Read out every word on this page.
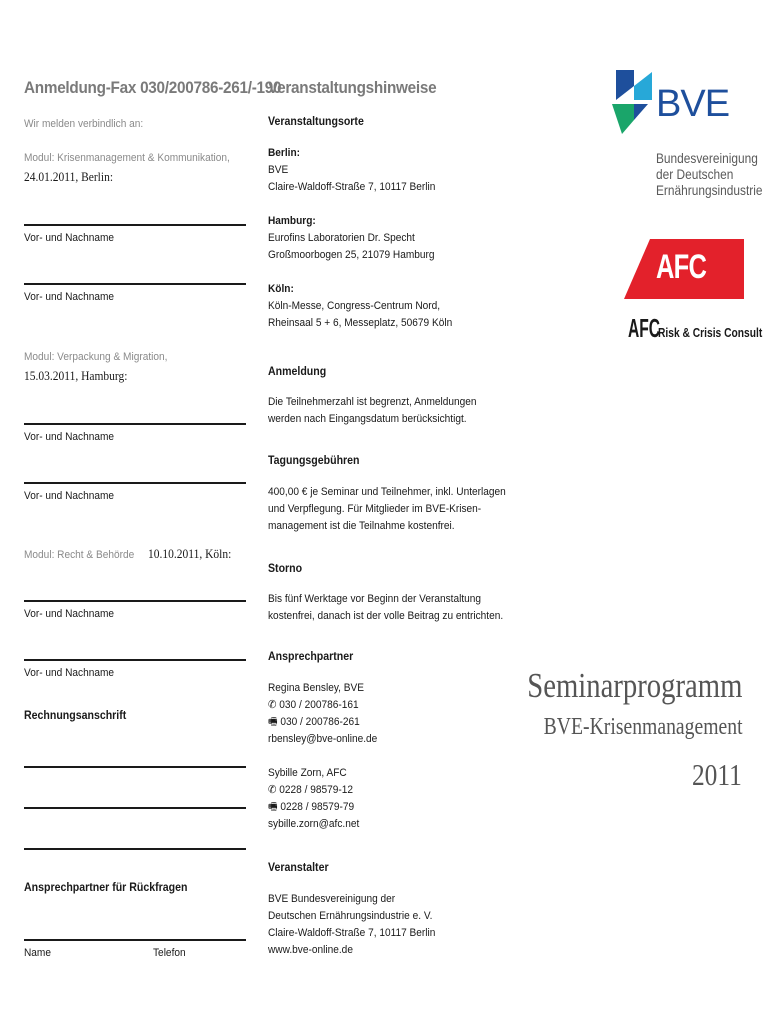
Anmeldung-Fax 030/200786-261/-190
Wir melden verbindlich an:
Modul: Krisenmanagement & Kommunikation,
24.01.2011, Berlin:
Vor- und Nachname
Vor- und Nachname
Modul: Verpackung & Migration,
15.03.2011, Hamburg:
Vor- und Nachname
Vor- und Nachname
Modul: Recht & Behörde 10.10.2011, Köln:
Vor- und Nachname
Vor- und Nachname
Rechnungsanschrift
Ansprechpartner für Rückfragen
Name	Telefon
Veranstaltungshinweise
Veranstaltungsorte
Berlin:
BVE
Claire-Waldoff-Straße 7, 10117 Berlin
Hamburg:
Eurofins Laboratorien Dr. Specht
Großmoorbogen 25, 21079 Hamburg
Köln:
Köln-Messe, Congress-Centrum Nord,
Rheinsaal 5 + 6, Messeplatz, 50679 Köln
Anmeldung
Die Teilnehmerzahl ist begrenzt, Anmeldungen
werden nach Eingangsdatum berücksichtigt.
Tagungsgebühren
400,00 € je Seminar und Teilnehmer, inkl. Unterlagen
und Verpflegung. Für Mitglieder im BVE-Krisen-
management ist die Teilnahme kostenfrei.
Storno
Bis fünf Werktage vor Beginn der Veranstaltung
kostenfrei, danach ist der volle Beitrag zu entrichten.
Ansprechpartner
Regina Bensley, BVE
✆ 030 / 200786-161
🖷 030 / 200786-261
rbensley@bve-online.de
Sybille Zorn, AFC
✆ 0228 / 98579-12
🖷 0228 / 98579-79
sybille.zorn@afc.net
Veranstalter
BVE Bundesvereinigung der
Deutschen Ernährungsindustrie e. V.
Claire-Waldoff-Straße 7, 10117 Berlin
www.bve-online.de
BVE
Bundesvereinigung
der Deutschen
Ernährungsindustrie
AFC
AFC Risk & Crisis Consult
Seminarprogramm
BVE-Krisenmanagement
2011
